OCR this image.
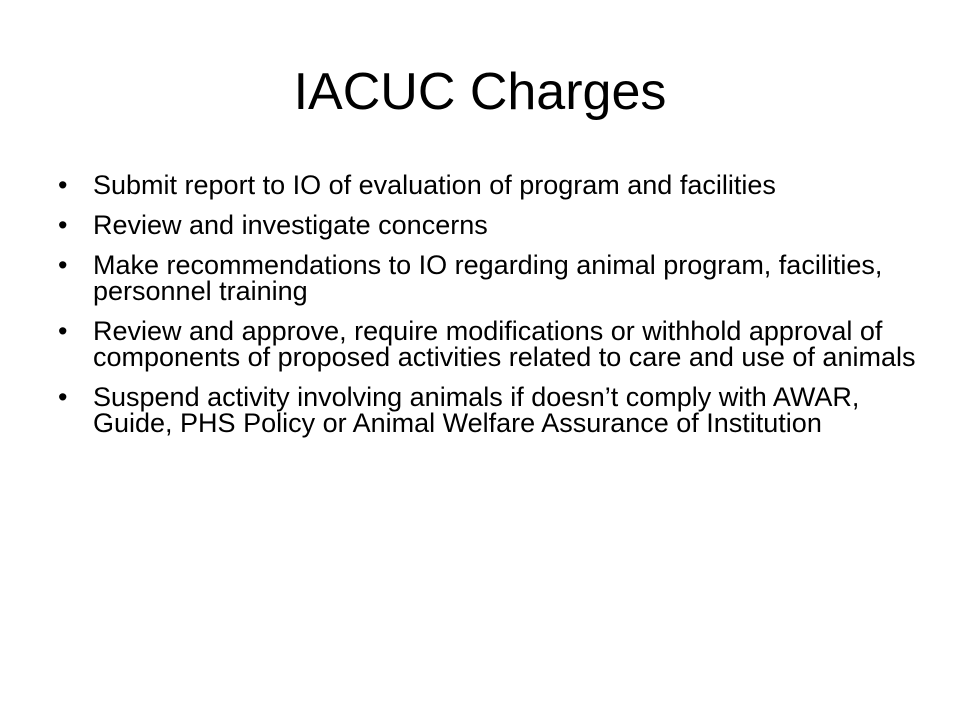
IACUC Charges
• Submit report to IO of evaluation of program and facilities
• Review and investigate concerns
• Make recommendations to IO regarding animal program, facilities, personnel training
• Review and approve, require modifications or withhold approval of components of proposed activities related to care and use of animals
• Suspend activity involving animals if doesn’t comply with AWAR, Guide, PHS Policy or Animal Welfare Assurance of Institution
